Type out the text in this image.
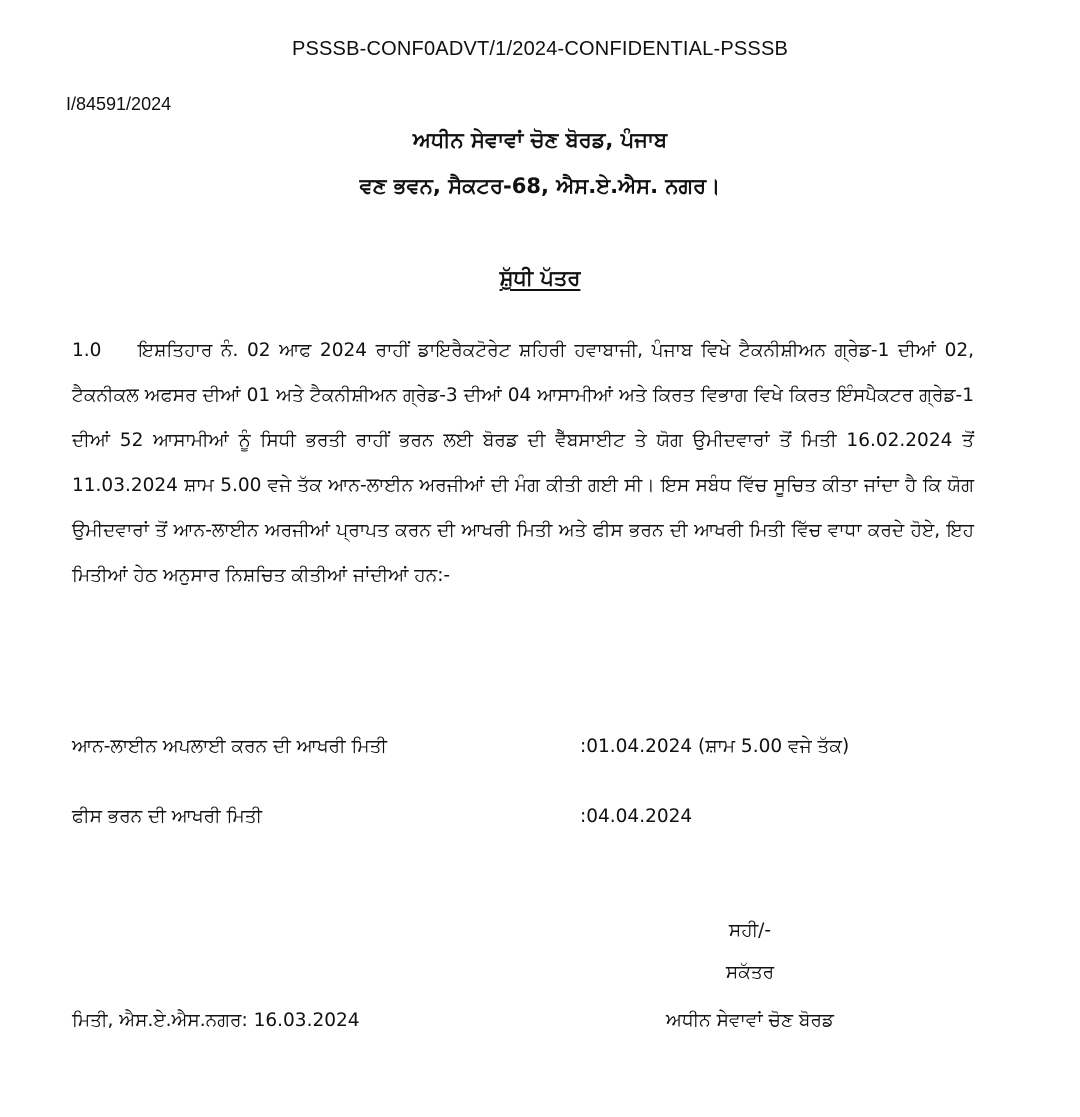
PSSSB-CONF0ADVT/1/2024-CONFIDENTIAL-PSSSB
I/84591/2024
ਅਧੀਨ ਸੇਵਾਵਾਂ ਚੋਣ ਬੋਰਡ, ਪੰਜਾਬ
ਵਣ ਭਵਨ, ਸੈਕਟਰ-68, ਐਸ.ਏ.ਐਸ. ਨਗਰ।
ਸ਼ੁੱਧੀ ਪੱਤਰ
1.0 ਇਸ਼ਤਿਹਾਰ ਨੰ. 02 ਆਫ 2024 ਰਾਹੀਂ ਡਾਇਰੈਕਟੋਰੇਟ ਸ਼ਹਿਰੀ ਹਵਾਬਾਜੀ, ਪੰਜਾਬ ਵਿਖੇ ਟੈਕਨੀਸ਼ੀਅਨ ਗ੍ਰੇਡ-1 ਦੀਆਂ 02, ਟੈਕਨੀਕਲ ਅਫਸਰ ਦੀਆਂ 01 ਅਤੇ ਟੈਕਨੀਸ਼ੀਅਨ ਗ੍ਰੇਡ-3 ਦੀਆਂ 04 ਆਸਾਮੀਆਂ ਅਤੇ ਕਿਰਤ ਵਿਭਾਗ ਵਿਖੇ ਕਿਰਤ ਇੰਸਪੈਕਟਰ ਗ੍ਰੇਡ-1 ਦੀਆਂ 52 ਆਸਾਮੀਆਂ ਨੂੰ ਸਿਧੀ ਭਰਤੀ ਰਾਹੀਂ ਭਰਨ ਲਈ ਬੋਰਡ ਦੀ ਵੈੱਬਸਾਈਟ ਤੇ ਯੋਗ ਉਮੀਦਵਾਰਾਂ ਤੋਂ ਮਿਤੀ 16.02.2024 ਤੋਂ 11.03.2024 ਸ਼ਾਮ 5.00 ਵਜੇ ਤੱਕ ਆਨ-ਲਾਈਨ ਅਰਜੀਆਂ ਦੀ ਮੰਗ ਕੀਤੀ ਗਈ ਸੀ। ਇਸ ਸਬੰਧ ਵਿੱਚ ਸੂਚਿਤ ਕੀਤਾ ਜਾਂਦਾ ਹੈ ਕਿ ਯੋਗ ਉਮੀਦਵਾਰਾਂ ਤੋਂ ਆਨ-ਲਾਈਨ ਅਰਜੀਆਂ ਪ੍ਰਾਪਤ ਕਰਨ ਦੀ ਆਖਰੀ ਮਿਤੀ ਅਤੇ ਫੀਸ ਭਰਨ ਦੀ ਆਖਰੀ ਮਿਤੀ ਵਿੱਚ ਵਾਧਾ ਕਰਦੇ ਹੋਏ, ਇਹ ਮਿਤੀਆਂ ਹੇਠ ਅਨੁਸਾਰ ਨਿਸ਼ਚਿਤ ਕੀਤੀਆਂ ਜਾਂਦੀਆਂ ਹਨ:-
ਆਨ-ਲਾਈਨ ਅਪਲਾਈ ਕਰਨ ਦੀ ਆਖਰੀ ਮਿਤੀ	:01.04.2024 (ਸ਼ਾਮ 5.00 ਵਜੇ ਤੱਕ)
ਫੀਸ ਭਰਨ ਦੀ ਆਖਰੀ ਮਿਤੀ	:04.04.2024
ਸਹੀ/-
ਸਕੱਤਰ
ਅਧੀਨ ਸੇਵਾਵਾਂ ਚੋਣ ਬੋਰਡ
ਮਿਤੀ, ਐਸ.ਏ.ਐਸ.ਨਗਰ: 16.03.2024
